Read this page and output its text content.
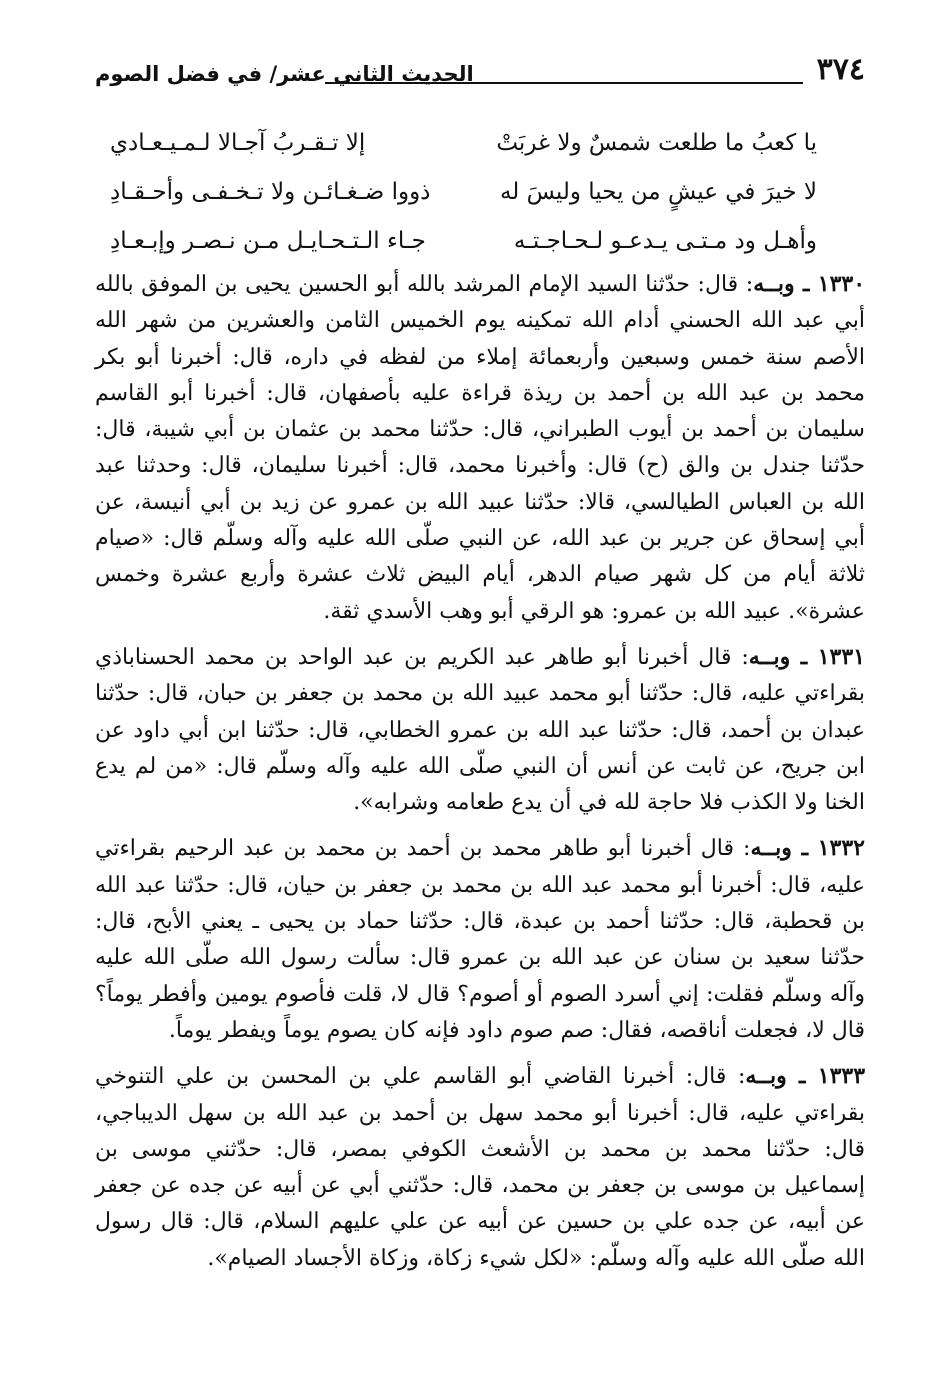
٣٧٤
الحديث الثاني عشر/ في فضل الصوم
يا كعبُ ما طلعت شمسٌ ولا غربَتْ
إلا تـقـربُ آجـالا لـمـيـعـادي
لا خيرَ في عيشٍ من يحيا وليسَ له
ذووا ضـغـائـن ولا تـخـفـى وأحـقـادِ
وأهـل ود مـتـى يـدعـو لـحـاجـتـه
جـاء الـتـحـايـل مـن نـصـر وإبـعـادِ

١٣٣٠ ـ وبــه: قال: حدّثنا السيد الإمام المرشد بالله أبو الحسين يحيى بن الموفق بالله أبي عبد الله الحسني أدام الله تمكينه يوم الخميس الثامن والعشرين من شهر الله الأصم سنة خمس وسبعين وأربعمائة إملاء من لفظه في داره، قال: أخبرنا أبو بكر محمد بن عبد الله بن أحمد بن ريذة قراءة عليه بأصفهان، قال: أخبرنا أبو القاسم سليمان بن أحمد بن أيوب الطبراني، قال: حدّثنا محمد بن عثمان بن أبي شيبة، قال: حدّثنا جندل بن والق (ح) قال: وأخبرنا محمد، قال: أخبرنا سليمان، قال: وحدثنا عبد الله بن العباس الطيالسي، قالا: حدّثنا عبيد الله بن عمرو عن زيد بن أبي أنيسة، عن أبي إسحاق عن جرير بن عبد الله، عن النبي صلّى الله عليه وآله وسلّم قال: «صيام ثلاثة أيام من كل شهر صيام الدهر، أيام البيض ثلاث عشرة وأربع عشرة وخمس عشرة». عبيد الله بن عمرو: هو الرقي أبو وهب الأسدي ثقة.

١٣٣١ ـ وبــه: قال أخبرنا أبو طاهر عبد الكريم بن عبد الواحد بن محمد الحسناباذي بقراءتي عليه، قال: حدّثنا أبو محمد عبيد الله بن محمد بن جعفر بن حبان، قال: حدّثنا عبدان بن أحمد، قال: حدّثنا عبد الله بن عمرو الخطابي، قال: حدّثنا ابن أبي داود عن ابن جريح، عن ثابت عن أنس أن النبي صلّى الله عليه وآله وسلّم قال: «من لم يدع الخنا ولا الكذب فلا حاجة لله في أن يدع طعامه وشرابه».

١٣٣٢ ـ وبــه: قال أخبرنا أبو طاهر محمد بن أحمد بن محمد بن عبد الرحيم بقراءتي عليه، قال: أخبرنا أبو محمد عبد الله بن محمد بن جعفر بن حيان، قال: حدّثنا عبد الله بن قحطبة، قال: حدّثنا أحمد بن عبدة، قال: حدّثنا حماد بن يحيى ـ يعني الأبح، قال: حدّثنا سعيد بن سنان عن عبد الله بن عمرو قال: سألت رسول الله صلّى الله عليه وآله وسلّم فقلت: إني أسرد الصوم أو أصوم؟ قال لا، قلت فأصوم يومين وأفطر يوماً؟ قال لا، فجعلت أناقصه، فقال: صم صوم داود فإنه كان يصوم يوماً ويفطر يوماً.

١٣٣٣ ـ وبــه: قال: أخبرنا القاضي أبو القاسم علي بن المحسن بن علي التنوخي بقراءتي عليه، قال: أخبرنا أبو محمد سهل بن أحمد بن عبد الله بن سهل الديباجي، قال: حدّثنا محمد بن محمد بن الأشعث الكوفي بمصر، قال: حدّثني موسى بن إسماعيل بن موسى بن جعفر بن محمد، قال: حدّثني أبي عن أبيه عن جده عن جعفر عن أبيه، عن جده علي بن حسين عن أبيه عن علي عليهم السلام، قال: قال رسول الله صلّى الله عليه وآله وسلّم: «لكل شيء زكاة، وزكاة الأجساد الصيام».
